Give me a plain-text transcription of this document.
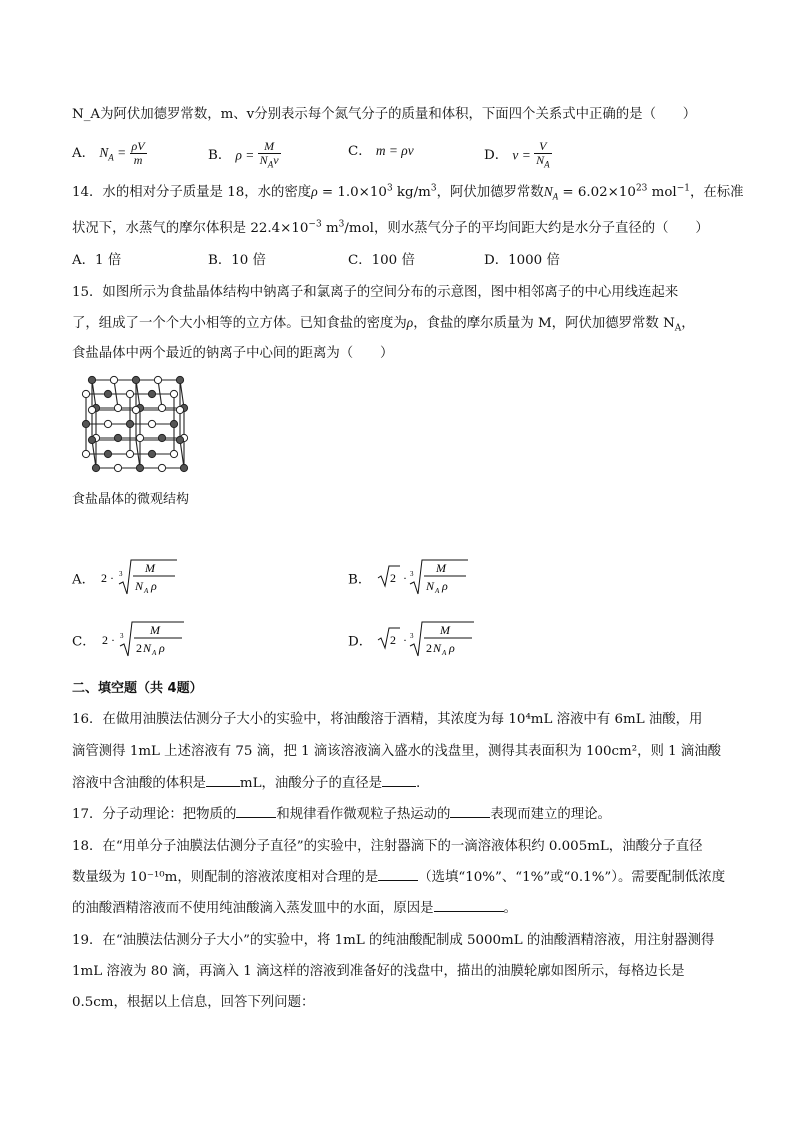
N_A为阿伏加德罗常数，m、v分别表示每个氮气分子的质量和体积，下面四个关系式中正确的是（　　）
A． $N_A = \frac{\rho V}{m}$	B． $\rho = \frac{M}{N_Av}$	C． m = ρv	D． $v = \frac{V}{N_A}$
14．水的相对分子质量是 18，水的密度$\rho = 1.0\times 10^3$ $kg/m^3$，阿伏加德罗常数$N_A = 6.02\times 10^{23}$ mol$^{-1}$，在标准
状况下，水蒸气的摩尔体积是 $22.4\times 10^{-3}$ $m^3$/mol，则水蒸气分子的平均间距大约是水分子直径的（　　）
A．1 倍	B．10 倍	C．100 倍	D．1000 倍
15．如图所示为食盐晶体结构中钠离子和氯离子的空间分布的示意图，图中相邻离子的中心用线连起来
了，组成了一个个大小相等的立方体。已知食盐的密度为ρ，食盐的摩尔质量为 M，阿伏加德罗常数 $N_A$，
食盐晶体中两个最近的钠离子中心间的距离为（　　）
食盐晶体的微观结构
A． 2 · 3 M
N A ρ	B． 2 · 3 M
N A ρ
C． 2 · 3 M
2 N A ρ	D． 2 · 3 M
2 N A ρ
二、填空题（共 4题）
16．在做用油膜法估测分子大小的实验中，将油酸溶于酒精，其浓度为每 10⁴mL 溶液中有 6mL 油酸，用
滴管测得 1mL 上述溶液有 75 滴，把 1 滴该溶液滴入盛水的浅盘里，测得其表面积为 100cm²，则 1 滴油酸
溶液中含油酸的体积是	mL，油酸分子的直径是	.
17．分子动理论：把物质的	和规律看作微观粒子热运动的	表现而建立的理论。
18．在“用单分子油膜法估测分子直径”的实验中，注射器滴下的一滴溶液体积约 0.005mL，油酸分子直径
数量级为 10⁻¹⁰m，则配制的溶液浓度相对合理的是	（选填“10%”、“1%”或“0.1%”）。需要配制低浓度
的油酸酒精溶液而不使用纯油酸滴入蒸发皿中的水面，原因是	。
19．在“油膜法估测分子大小”的实验中，将 1mL 的纯油酸配制成 5000mL 的油酸酒精溶液，用注射器测得
1mL 溶液为 80 滴，再滴入 1 滴这样的溶液到准备好的浅盘中，描出的油膜轮廓如图所示，每格边长是
0.5cm，根据以上信息，回答下列问题：
